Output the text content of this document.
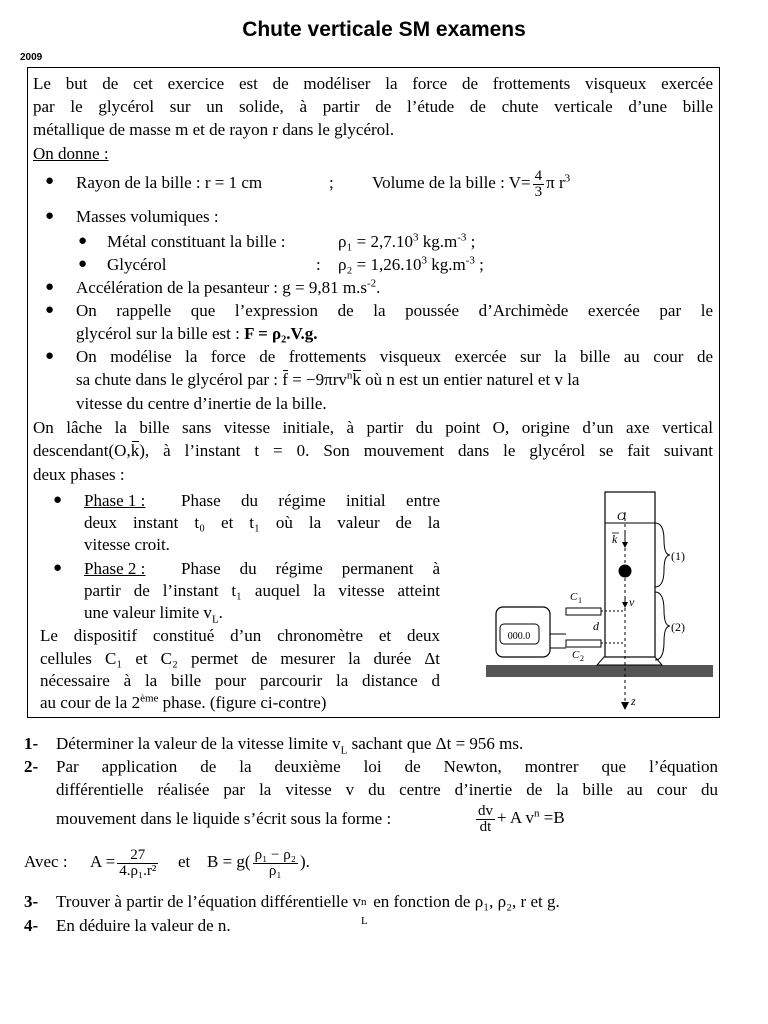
Chute verticale SM examens
2009
Le but de cet exercice est de modéliser la force de frottements visqueux exercée
par le glycérol sur un solide, à partir de l’étude de chute verticale d’une bille
métallique de masse m et de rayon r dans le glycérol.
On donne :
● Rayon de la bille : r = 1 cm	; Volume de la bille : $V= \frac{4}{3}$ π $r^3$
● Masses volumiques :
● Métal constituant la bille :	$\rho_1 = 2,7.10^3$ $kg.m^{-3}$ ;
● Glycérol	: $\rho_2 = 1,26.10^3$ $kg.m^{-3}$ ;
● Accélération de la pesanteur : g = 9,81 $m.s^{-2}$.
● On rappelle que l’expression de la poussée d’Archimède exercée par le
glycérol sur la bille est : F = ρ₂.V.g.
● On modélise la force de frottements visqueux exercée sur la bille au cour de
sa chute dans le glycérol par : f = −9πrv$^n$k où n est un entier naturel et v la
vitesse du centre d’inertie de la bille.
On lâche la bille sans vitesse initiale, à partir du point O, origine d’un axe vertical
descendant(O,k), à l’instant t = 0. Son mouvement dans le glycérol se fait suivant
deux phases :
● Phase 1 : Phase du régime initial entre
deux instant t₀ et t₁ où la valeur de la
vitesse croit.
● Phase 2 : Phase du régime permanent à
partir de l’instant t₁ auquel la vitesse atteint
une valeur limite $v_L$.
Le dispositif constitué d’un chronomètre et deux
cellules C₁ et C₂ permet de mesurer la durée Δt
nécessaire à la bille pour parcourir la distance d
au cour de la 2ème phase. (figure ci-contre)
000.0
O
k
v
C 1
C 2
d
(1)
(2)
z
1- Déterminer la valeur de la vitesse limite $v_L$ sachant que Δt = 956 ms.
2- Par application de la deuxième loi de Newton, montrer que l’équation
différentielle réalisée par la vitesse v du centre d’inertie de la bille au cour du
mouvement dans le liquide s’écrit sous la forme :	$\frac{dv}{dt} + A$ $v^n =B$
Avec : $A = \frac{27}{\text{4.ρ₁.r²}}$ et $B = g( \frac{\text{ρ₁ − ρ₂}}{\text{ρ₁}}$ ).
3- Trouver à partir de l’équation différentielle v n
L
en fonction de ρ₁, ρ₂, r et g.
4- En déduire la valeur de n.
